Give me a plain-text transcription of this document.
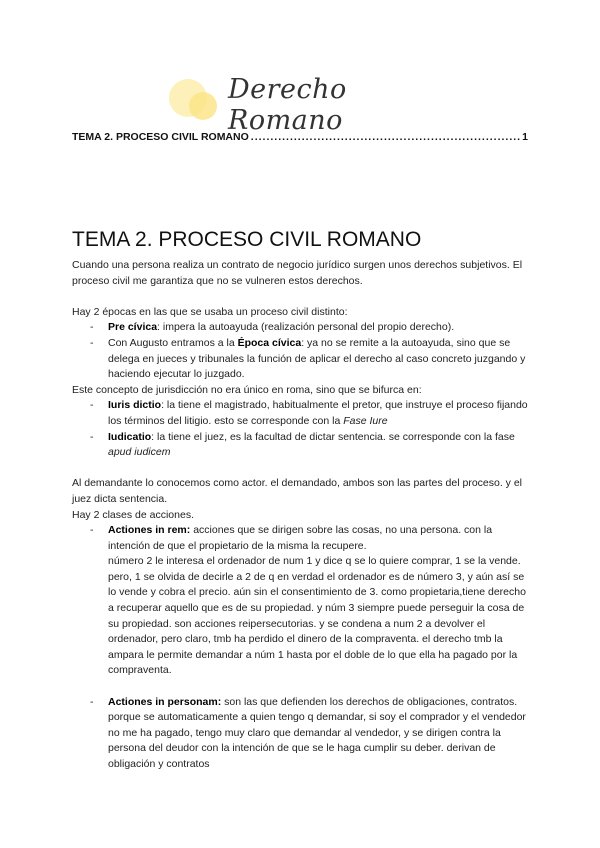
Derecho Romano
TEMA 2. PROCESO CIVIL ROMANO .....	1
TEMA 2. PROCESO CIVIL ROMANO

Cuando una persona realiza un contrato de negocio jurídico surgen unos derechos subjetivos. El proceso civil me garantiza que no se vulneren estos derechos.

Hay 2 épocas en las que se usaba un proceso civil distinto:

- Pre cívica: impera la autoayuda (realización personal del propio derecho).
- Con Augusto entramos a la Época cívica: ya no se remite a la autoayuda, sino que se delega en jueces y tribunales la función de aplicar el derecho al caso concreto juzgando y haciendo ejecutar lo juzgado.

Este concepto de jurisdicción no era único en roma, sino que se bifurca en:

- Iuris dictio: la tiene el magistrado, habitualmente el pretor, que instruye el proceso fijando los términos del litigio. esto se corresponde con la Fase Iure
- Iudicatio: la tiene el juez, es la facultad de dictar sentencia. se corresponde con la fase apud iudicem

Al demandante lo conocemos como actor. el demandado, ambos son las partes del proceso. y el juez dicta sentencia.

Hay 2 clases de acciones.

- Actiones in rem: acciones que se dirigen sobre las cosas, no una persona. con la intención de que el propietario de la misma la recupere.
número 2 le interesa el ordenador de num 1 y dice q se lo quiere comprar, 1 se la vende. pero, 1 se olvida de decirle a 2 de q en verdad el ordenador es de número 3, y aún así se lo vende y cobra el precio. aún sin el consentimiento de 3. como propietaria,tiene derecho a recuperar aquello que es de su propiedad. y núm 3 siempre puede perseguir la cosa de su propiedad. son acciones reipersecutorias. y se condena a num 2 a devolver el ordenador, pero claro, tmb ha perdido el dinero de la compraventa. el derecho tmb la ampara le permite demandar a núm 1 hasta por el doble de lo que ella ha pagado por la compraventa.
- Actiones in personam: son las que defienden los derechos de obligaciones, contratos. porque se automaticamente a quien tengo q demandar, si soy el comprador y el vendedor no me ha pagado, tengo muy claro que demandar al vendedor, y se dirigen contra la persona del deudor con la intención de que se le haga cumplir su deber. derivan de obligación y contratos
